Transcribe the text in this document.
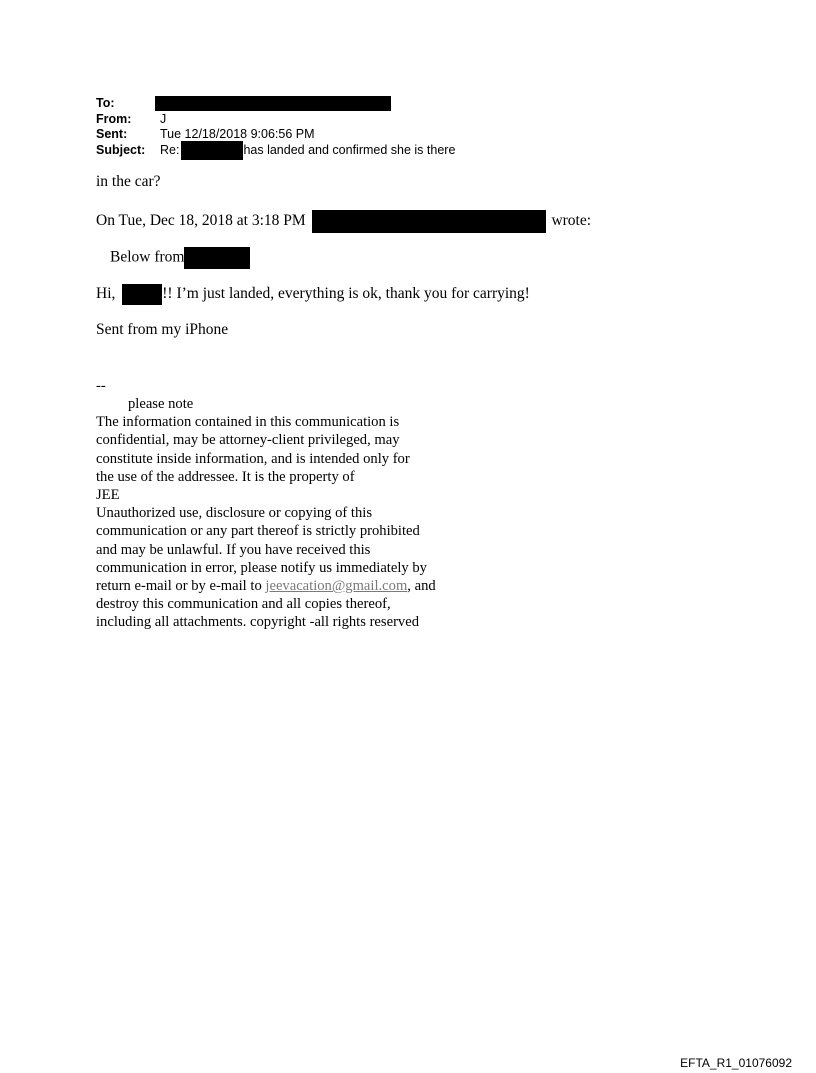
To:
From:	J
Sent:	Tue 12/18/2018 9:06:56 PM
Subject:	Re:	has landed and confirmed she is there
in the car?
On Tue, Dec 18, 2018 at 3:18 PM	wrote:
Below from
Hi,	!! I’m just landed, everything is ok, thank you for carrying!
Sent from my iPhone
--
please note
The information contained in this communication is
confidential, may be attorney-client privileged, may
constitute inside information, and is intended only for
the use of the addressee. It is the property of
JEE
Unauthorized use, disclosure or copying of this
communication or any part thereof is strictly prohibited
and may be unlawful. If you have received this
communication in error, please notify us immediately by
return e-mail or by e-mail to jeevacation@gmail.com, and
destroy this communication and all copies thereof,
including all attachments. copyright -all rights reserved
EFTA_R1_01076092
